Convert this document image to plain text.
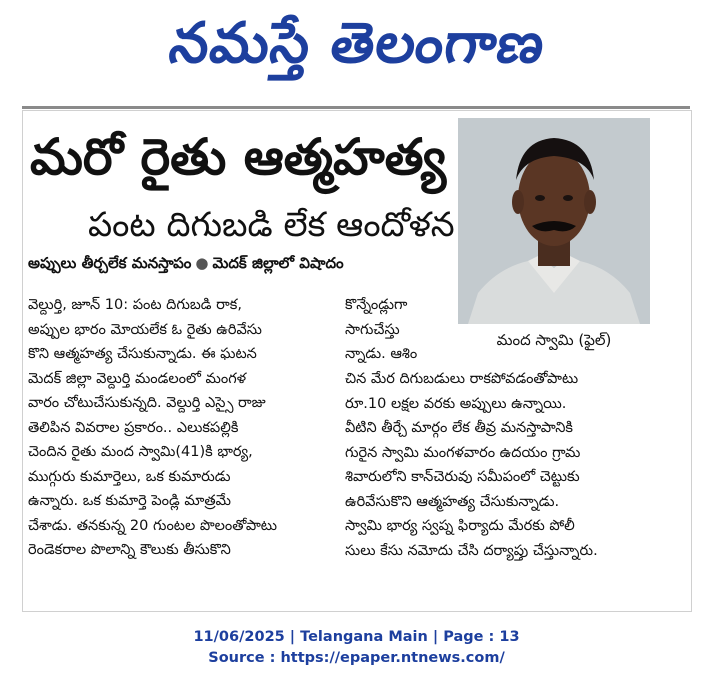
నమస్తే తెలంగాణ
మరో రైతు ఆత్మహత్య
పంట దిగుబడి లేక ఆందోళన
అప్పులు తీర్చలేక మనస్తాపం ● మెదక్ జిల్లాలో విషాదం
మంద స్వామి (ఫైల్)
వెల్దుర్తి, జూన్ 10: పంట దిగుబడి రాక,
అప్పుల భారం మోయలేక ఓ రైతు ఉరివేసు
కొని ఆత్మహత్య చేసుకున్నాడు. ఈ ఘటన
మెదక్ జిల్లా వెల్దుర్తి మండలంలో మంగళ
వారం చోటుచేసుకున్నది. వెల్దుర్తి ఎస్సై రాజు
తెలిపిన వివరాల ప్రకారం.. ఎలుకపల్లికి
చెందిన రైతు మంద స్వామి(41)కి భార్య,
ముగ్గురు కుమార్తెలు, ఒక కుమారుడు
ఉన్నారు. ఒక కుమార్తె పెండ్లి మాత్రమే
చేశాడు. తనకున్న 20 గుంటల పొలంతోపాటు
రెండెకరాల పొలాన్ని కౌలుకు తీసుకొని
కొన్నేండ్లుగా
సాగుచేస్తు
న్నాడు. ఆశిం
చిన మేర దిగుబడులు రాకపోవడంతోపాటు
రూ.10 లక్షల వరకు అప్పులు ఉన్నాయి.
వీటిని తీర్చే మార్గం లేక తీవ్ర మనస్తాపానికి
గురైన స్వామి మంగళవారం ఉదయం గ్రామ
శివారులోని కాన్‌చెరువు సమీపంలో చెట్టుకు
ఉరివేసుకొని ఆత్మహత్య చేసుకున్నాడు.
స్వామి భార్య స్వప్న ఫిర్యాదు మేరకు పోలీ
సులు కేసు నమోదు చేసి దర్యాప్తు చేస్తున్నారు.
11/06/2025 | Telangana Main | Page : 13
Source : https://epaper.ntnews.com/
